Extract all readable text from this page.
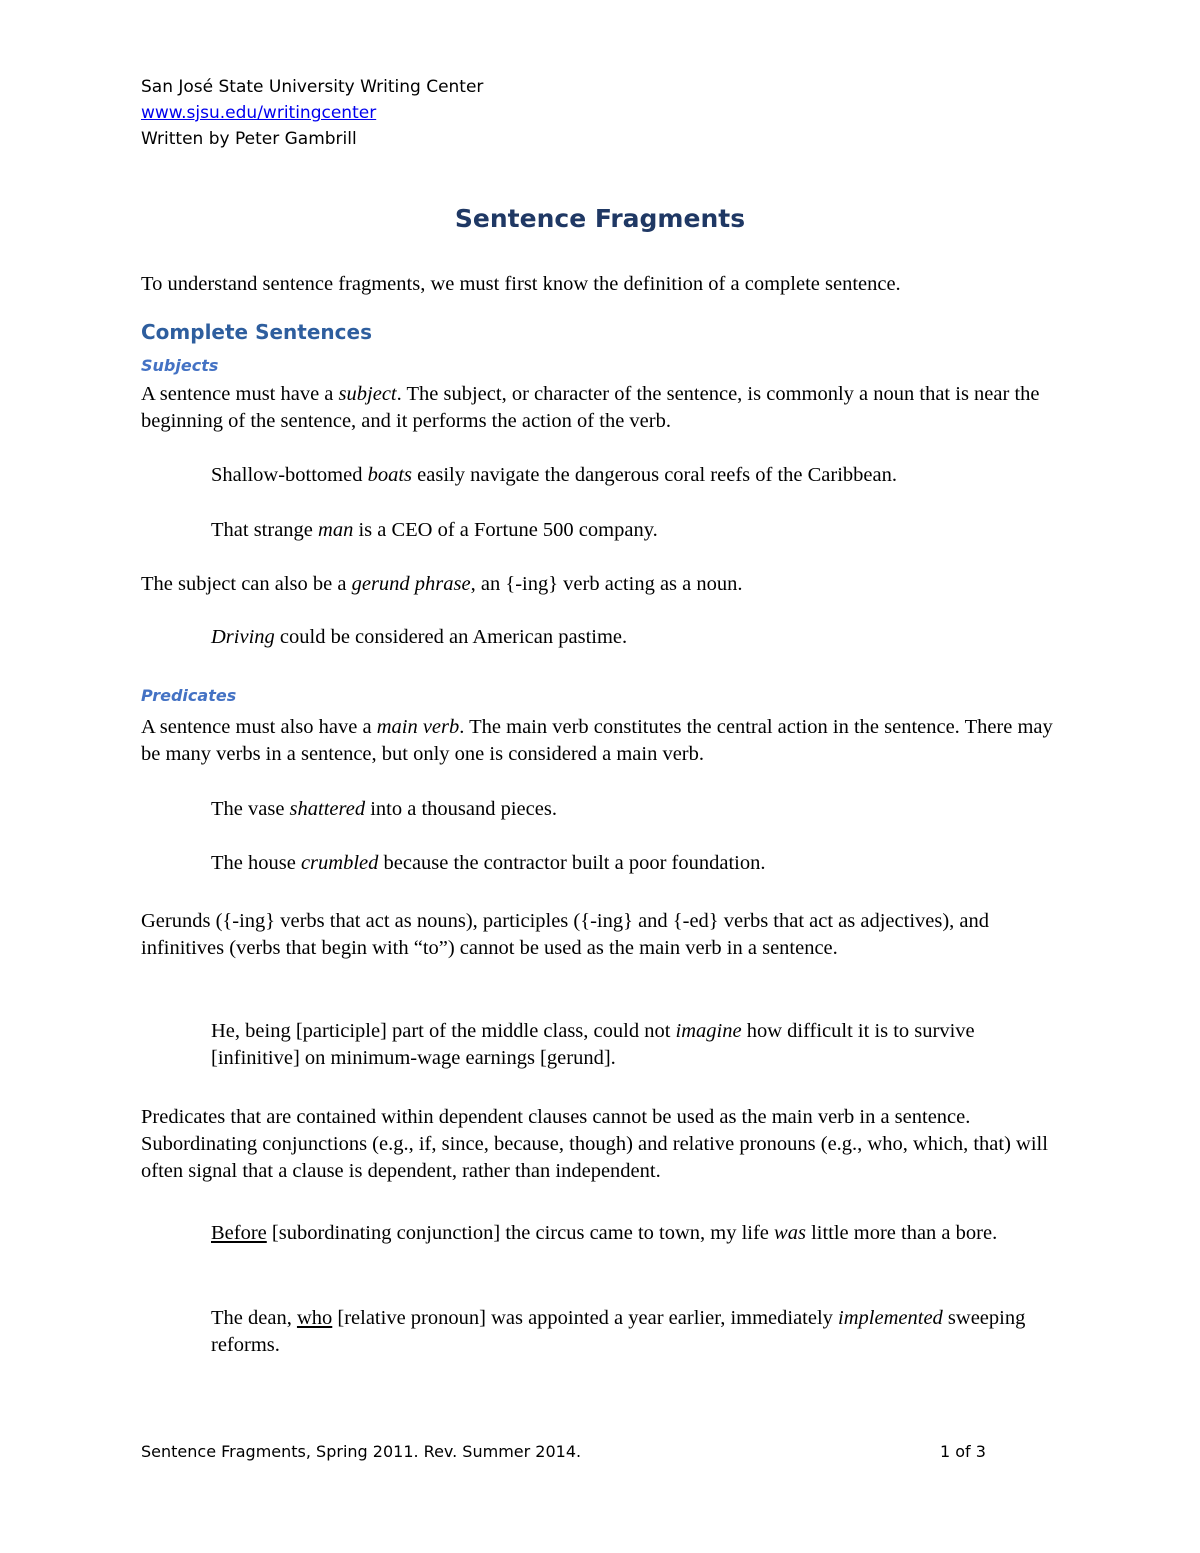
San José State University Writing Center
www.sjsu.edu/writingcenter
Written by Peter Gambrill
Sentence Fragments
To understand sentence fragments, we must first know the definition of a complete sentence.
Complete Sentences
Subjects
A sentence must have a subject. The subject, or character of the sentence, is commonly a noun that is near the beginning of the sentence, and it performs the action of the verb.
Shallow-bottomed boats easily navigate the dangerous coral reefs of the Caribbean.
That strange man is a CEO of a Fortune 500 company.
The subject can also be a gerund phrase, an {-ing} verb acting as a noun.
Driving could be considered an American pastime.
Predicates
A sentence must also have a main verb. The main verb constitutes the central action in the sentence. There may be many verbs in a sentence, but only one is considered a main verb.
The vase shattered into a thousand pieces.
The house crumbled because the contractor built a poor foundation.
Gerunds ({-ing} verbs that act as nouns), participles ({-ing} and {-ed} verbs that act as adjectives), and infinitives (verbs that begin with “to”) cannot be used as the main verb in a sentence.
He, being [participle] part of the middle class, could not imagine how difficult it is to survive [infinitive] on minimum-wage earnings [gerund].
Predicates that are contained within dependent clauses cannot be used as the main verb in a sentence. Subordinating conjunctions (e.g., if, since, because, though) and relative pronouns (e.g., who, which, that) will often signal that a clause is dependent, rather than independent.
Before [subordinating conjunction] the circus came to town, my life was little more than a bore.
The dean, who [relative pronoun] was appointed a year earlier, immediately implemented sweeping reforms.
Sentence Fragments, Spring 2011. Rev. Summer 2014.	1 of 3
